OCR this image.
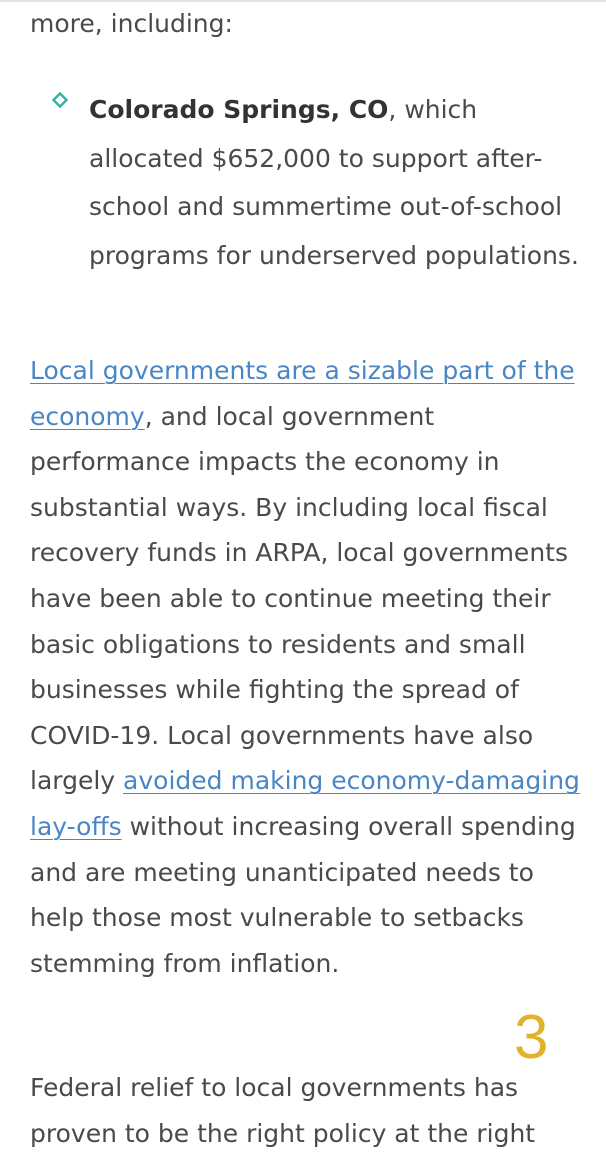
more, including:

Colorado Springs, CO, which allocated $652,000 to support after-school and summertime out-of-school programs for underserved populations.

Local governments are a sizable part of the economy, and local government performance impacts the economy in substantial ways. By including local fiscal recovery funds in ARPA, local governments have been able to continue meeting their basic obligations to residents and small businesses while fighting the spread of COVID-19. Local governments have also largely avoided making economy-damaging lay-offs without increasing overall spending and are meeting unanticipated needs to help those most vulnerable to setbacks stemming from inflation.

3

Federal relief to local governments has proven to be the right policy at the right
